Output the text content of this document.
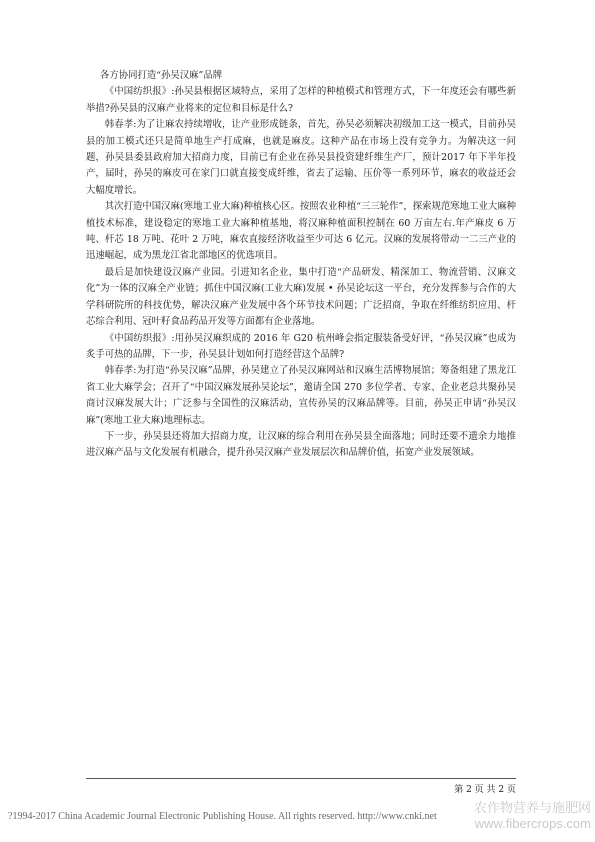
各方协同打造“孙吴汉麻”品牌

《中国纺织报》:孙吴县根据区域特点，采用了怎样的种植模式和管理方式，下一年度还会有哪些新举措?孙吴县的汉麻产业将来的定位和目标是什么?

韩春孝:为了让麻农持续增收，让产业形成链条，首先，孙吴必须解决初级加工这一模式，目前孙吴县的加工模式还只是简单地生产打成麻，也就是麻皮。这种产品在市场上没有竞争力。为解决这一问题，孙吴县委县政府加大招商力度，目前已有企业在孙吴县投资建纤维生产厂，预计2017 年下半年投产，届时，孙吴的麻皮可在家门口就直接变成纤维，省去了运输、压价等一系列环节，麻农的收益还会大幅度增长。

其次打造中国汉麻(寒地工业大麻)种植核心区。按照农业种植“三三轮作”，探索规范寒地工业大麻种植技术标准，建设稳定的寒地工业大麻种植基地，将汉麻种植面积控制在 60 万亩左右.年产麻皮 6 万吨、杆芯 18 万吨、花叶 2 万吨，麻农直接经济收益至少可达 6 亿元。汉麻的发展将带动一二三产业的迅速崛起，成为黑龙江省北部地区的优选项目。

最后是加快建设汉麻产业园。引进知名企业，集中打造“产品研发、精深加工、物流营销、汉麻文化”为一体的汉麻全产业链；抓住中国汉麻(工业大麻)发展 • 孙吴论坛这一平台，充分发挥参与合作的大学科研院所的科技优势，解决汉麻产业发展中各个环节技术问题；广泛招商，争取在纤维纺织应用、杆芯综合利用、冠叶籽食品药品开发等方面都有企业落地。

《中国纺织报》:用孙吴汉麻织成的 2016 年 G20 杭州峰会指定服装备受好评，“孙吴汉麻”也成为炙手可热的品牌，下一步，孙吴县计划如何打造经营这个品牌?

韩春孝:为打造“孙吴汉麻”品牌，孙吴建立了孙吴汉麻网站和汉麻生活博物展馆；筹备组建了黑龙江省工业大麻学会；召开了“中国汉麻发展孙吴论坛”，邀请全国 270 多位学者、专家、企业老总共聚孙吴商讨汉麻发展大计；广泛参与全国性的汉麻活动，宣传孙吴的汉麻品牌等。目前，孙吴正申请“孙吴汉麻”(寒地工业大麻)地理标志。

下一步，孙吴县还将加大招商力度，让汉麻的综合利用在孙吴县全面落地；同时还要不遗余力地推进汉麻产品与文化发展有机融合，提升孙吴汉麻产业发展层次和品牌价值，拓宽产业发展领域。

第 2 页 共 2 页
?1994-2017 China Academic Journal Electronic Publishing House. All rights reserved. http://www.cnki.net
农作物营养与施肥网
www.fibercrops.com
